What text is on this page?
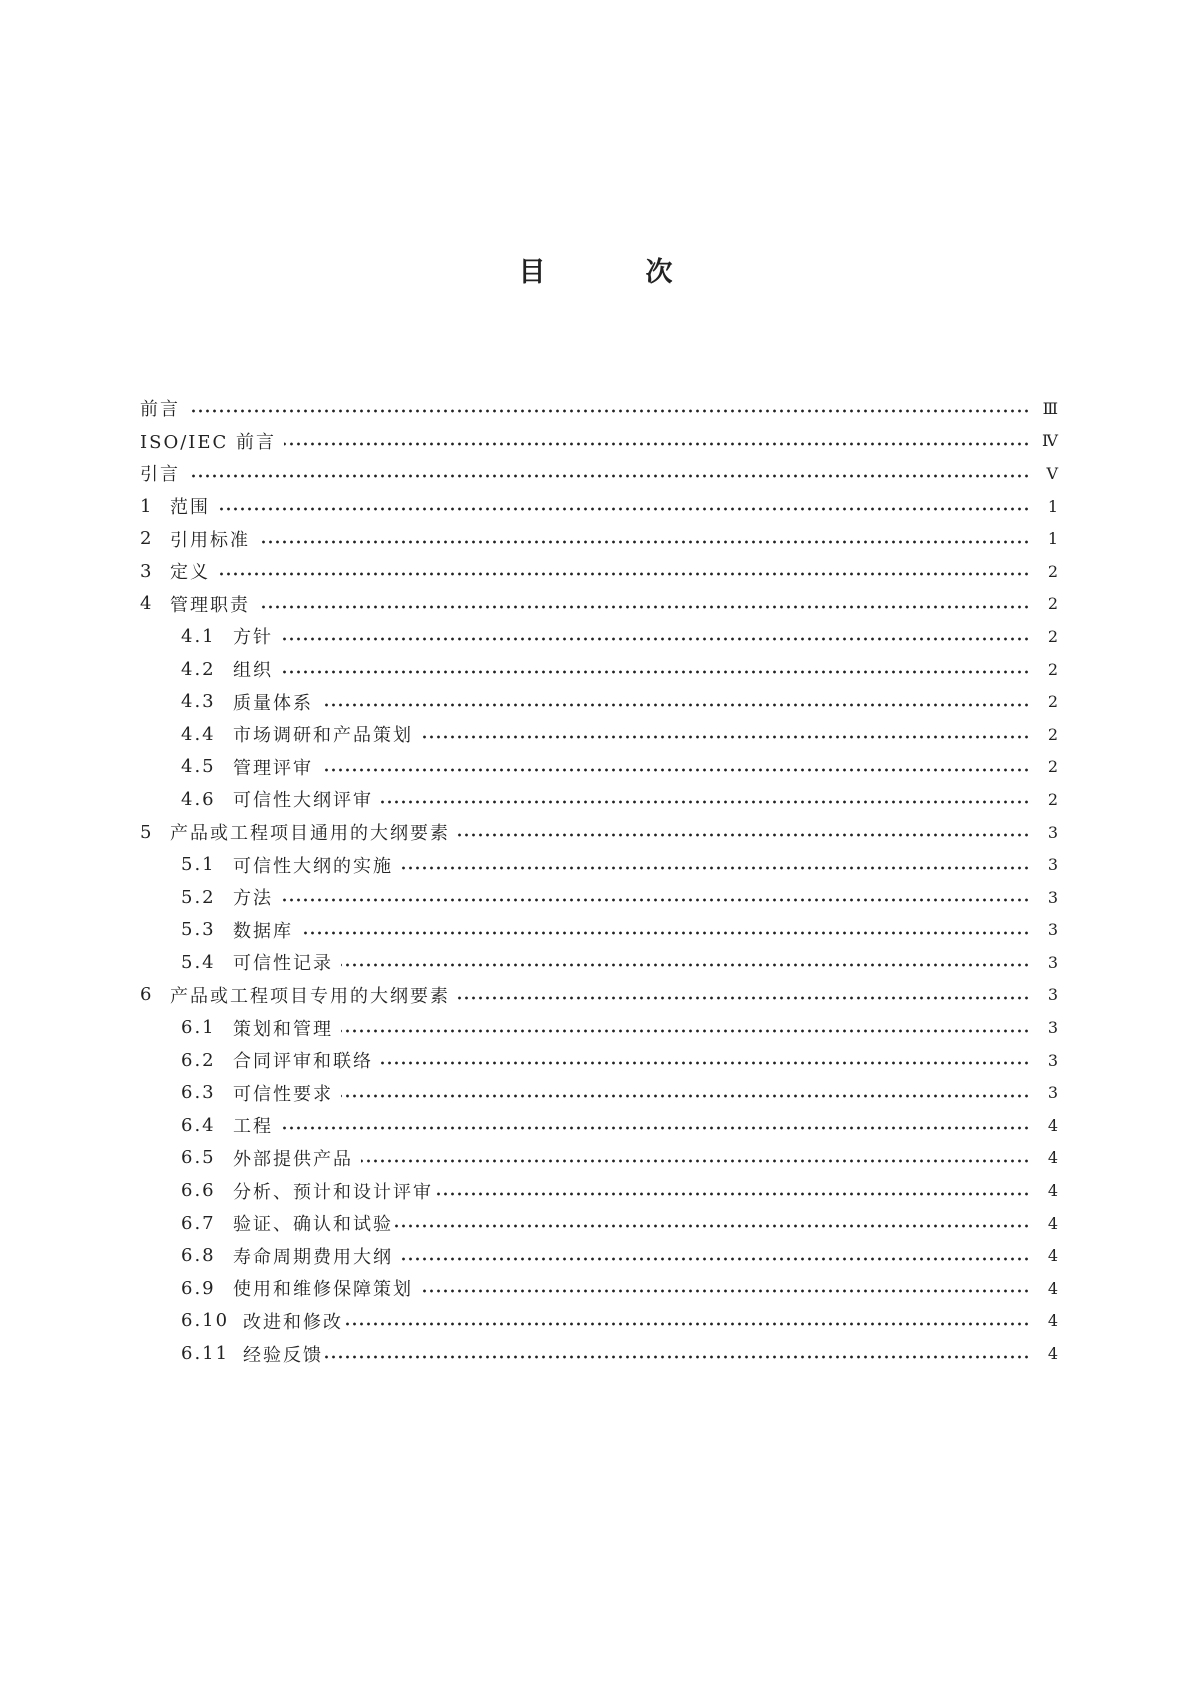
目	次
前言	Ⅲ
ISO/IEC 前言	Ⅳ
引言	Ⅴ
1 范围	1
2 引用标准	1
3 定义	2
4 管理职责	2
4.1 方针	2
4.2 组织	2
4.3 质量体系	2
4.4 市场调研和产品策划	2
4.5 管理评审	2
4.6 可信性大纲评审	2
5 产品或工程项目通用的大纲要素	3
5.1 可信性大纲的实施	3
5.2 方法	3
5.3 数据库	3
5.4 可信性记录	3
6 产品或工程项目专用的大纲要素	3
6.1 策划和管理	3
6.2 合同评审和联络	3
6.3 可信性要求	3
6.4 工程	4
6.5 外部提供产品	4
6.6 分析、预计和设计评审	4
6.7 验证、确认和试验	4
6.8 寿命周期费用大纲	4
6.9 使用和维修保障策划	4
6.10 改进和修改	4
6.11 经验反馈	4
